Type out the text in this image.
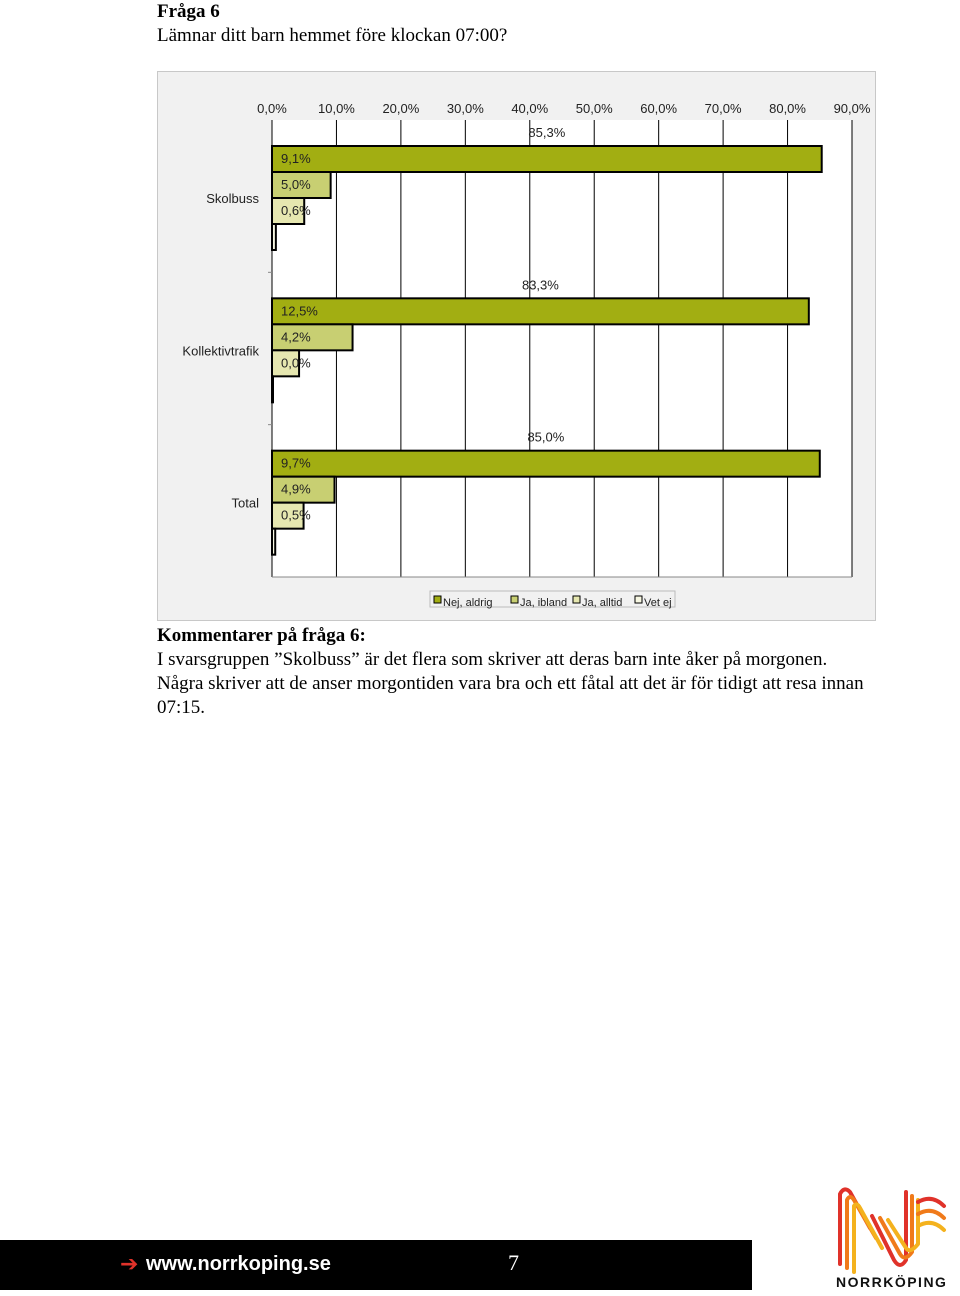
Fråga 6
Lämnar ditt barn hemmet före klockan 07:00?
0,0% 10,0% 20,0% 30,0% 40,0% 50,0% 60,0% 70,0% 80,0% 90,0%
Skolbuss
85,3%
9,1%
5,0%
0,6%
Kollektivtrafik
83,3%
12,5%
4,2%
0,0%
Total
85,0%
9,7%
4,9%
0,5%
Nej, aldrig Ja, ibland Ja, alltid Vet ej
Kommentarer på fråga 6:
I svarsgruppen ”Skolbuss” är det flera som skriver att deras barn inte åker på morgonen. Några skriver att de anser morgontiden vara bra och ett fåtal att det är för tidigt att resa innan 07:15.
➔ www.norrkoping.se	7
NORRKÖPING
